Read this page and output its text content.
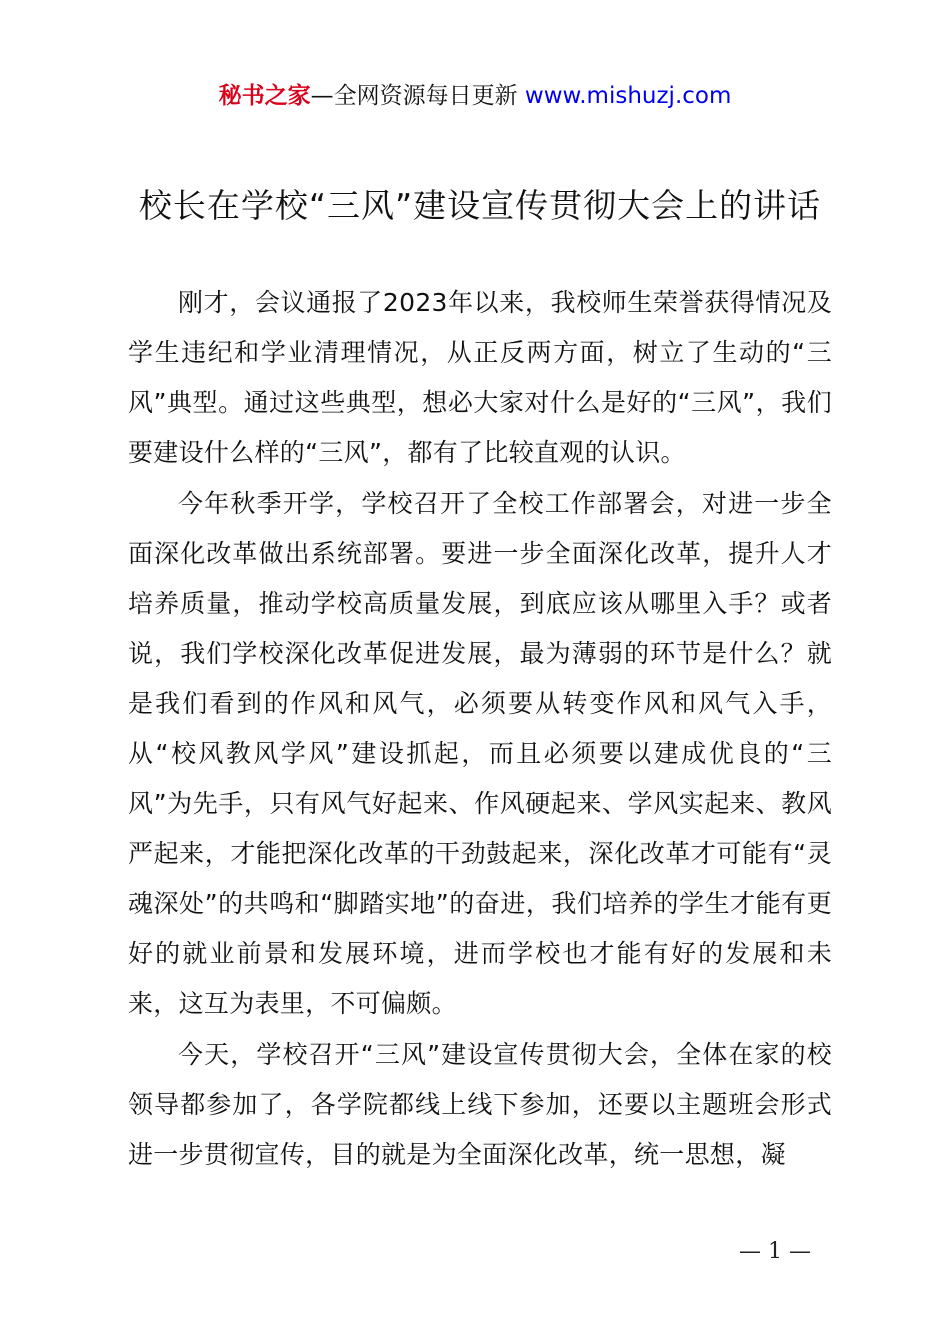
秘书之家—全网资源每日更新 www.mishuzj.com
校长在学校“三风”建设宣传贯彻大会上的讲话

刚才，会议通报了2023年以来，我校师生荣誉获得情况及学生违纪和学业清理情况，从正反两方面，树立了生动的“三风”典型。通过这些典型，想必大家对什么是好的“三风”，我们要建设什么样的“三风”，都有了比较直观的认识。

今年秋季开学，学校召开了全校工作部署会，对进一步全面深化改革做出系统部署。要进一步全面深化改革，提升人才培养质量，推动学校高质量发展，到底应该从哪里入手？或者说，我们学校深化改革促进发展，最为薄弱的环节是什么？就是我们看到的作风和风气，必须要从转变作风和风气入手，从“校风教风学风”建设抓起，而且必须要以建成优良的“三风”为先手，只有风气好起来、作风硬起来、学风实起来、教风严起来，才能把深化改革的干劲鼓起来，深化改革才可能有“灵魂深处”的共鸣和“脚踏实地”的奋进，我们培养的学生才能有更好的就业前景和发展环境，进而学校也才能有好的发展和未来，这互为表里，不可偏颇。

今天，学校召开“三风”建设宣传贯彻大会，全体在家的校领导都参加了，各学院都线上线下参加，还要以主题班会形式进一步贯彻宣传，目的就是为全面深化改革，统一思想，凝

— 1 —
